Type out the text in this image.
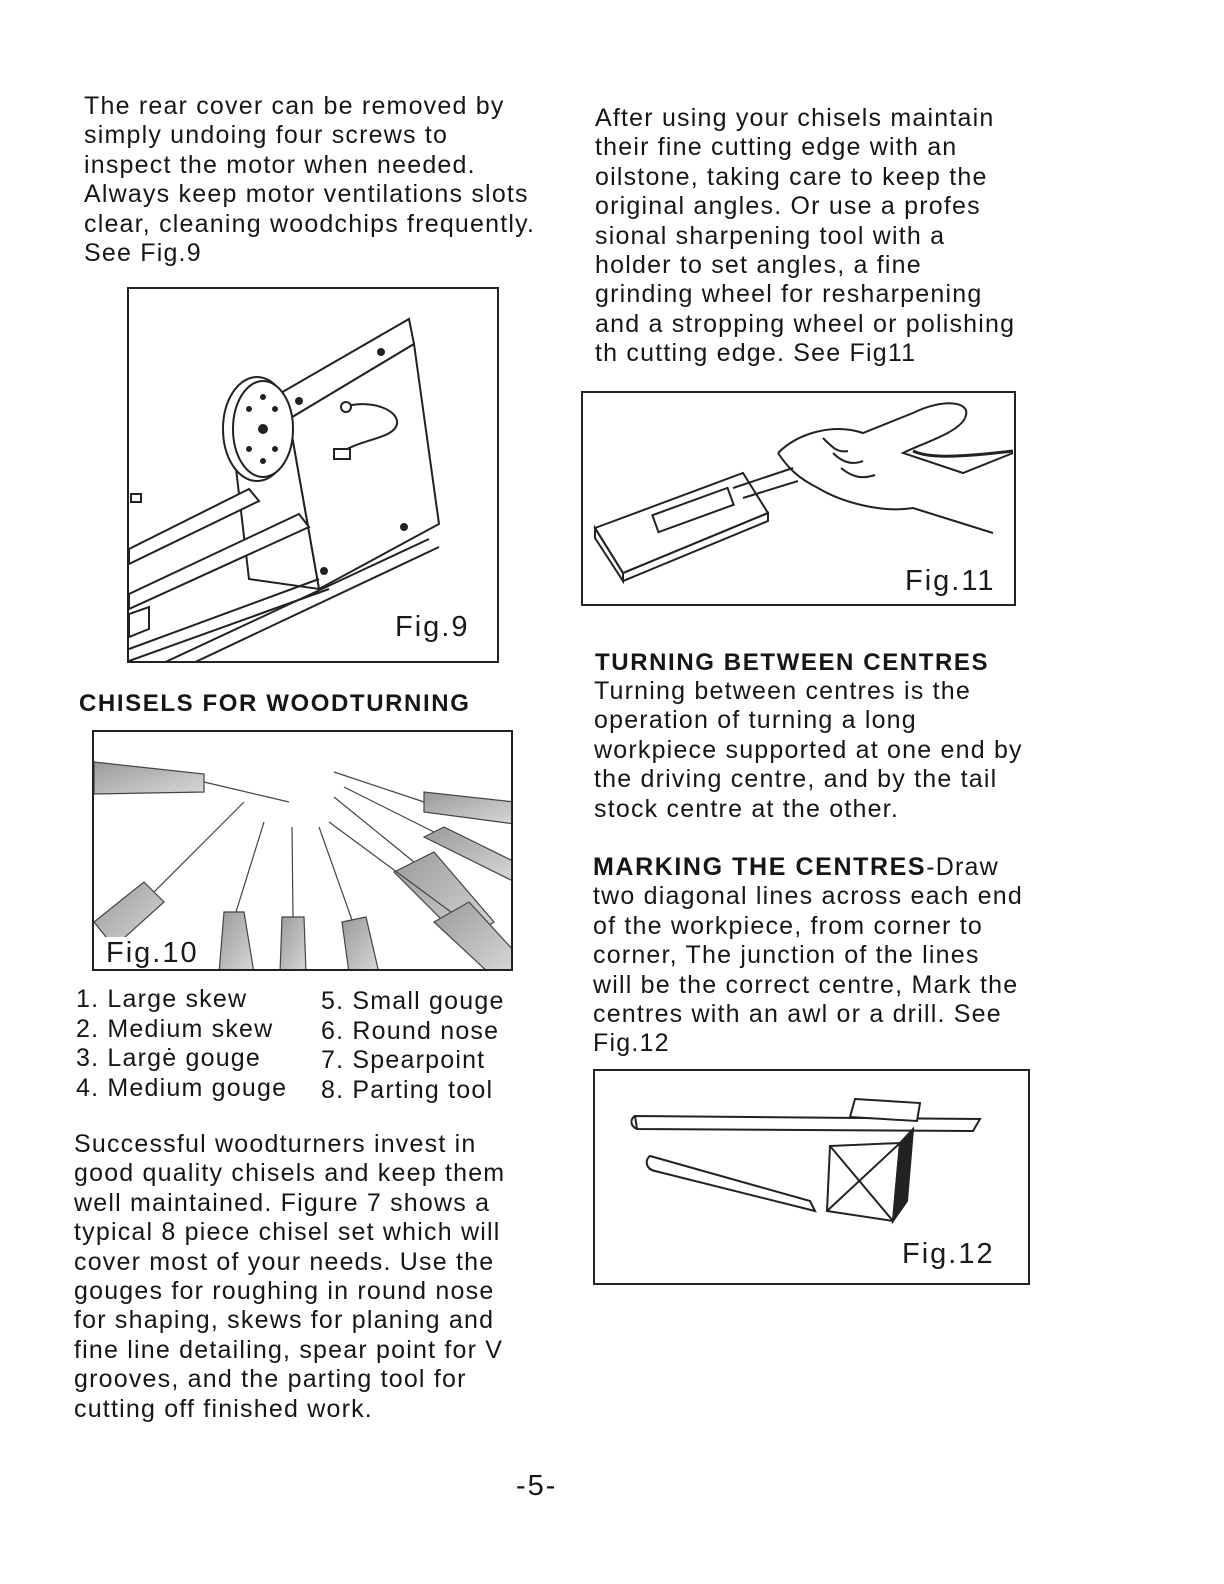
The rear cover can be removed by
simply undoing four screws to
inspect the motor when needed.
Always keep motor ventilations slots
clear, cleaning woodchips frequently.
See Fig.9

Fig.9
CHISELS FOR WOODTURNING
Fig.10
1. Large skew
2. Medium skew
3. Largė gouge
4. Medium gouge
5. Small gouge
6. Round nose
7. Spearpoint
8. Parting tool

Successful woodturners invest in
good quality chisels and keep them
well maintained. Figure 7 shows a
typical 8 piece chisel set which will
cover most of your needs. Use the
gouges for roughing in round nose
for shaping, skews for planing and
fine line detailing, spear point for V
grooves, and the parting tool for
cutting off finished work.

After using your chisels maintain
their fine cutting edge with an
oilstone, taking care to keep the
original angles. Or use a profes
sional sharpening tool with a
holder to set angles, a fine
grinding wheel for resharpening
and a stropping wheel or polishing
th cutting edge. See Fig11

Fig.11
TURNING BETWEEN CENTRES

Turning between centres is the
operation of turning a long
workpiece supported at one end by
the driving centre, and by the tail
stock centre at the other.

MARKING THE CENTRES-Draw
two diagonal lines across each end
of the workpiece, from corner to
corner, The junction of the lines
will be the correct centre, Mark the
centres with an awl or a drill. See
Fig.12
Fig.12
-5-
